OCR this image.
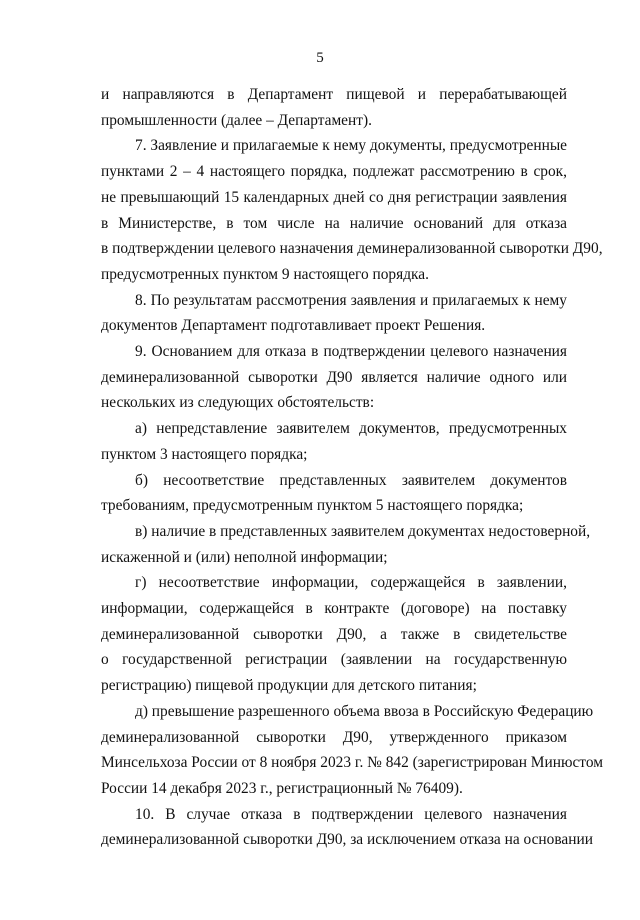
5
и направляются в Департамент пищевой и перерабатывающей
промышленности (далее – Департамент).
7. Заявление и прилагаемые к нему документы, предусмотренные
пунктами 2 – 4 настоящего порядка, подлежат рассмотрению в срок,
не превышающий 15 календарных дней со дня регистрации заявления
в Министерстве, в том числе на наличие оснований для отказа
в подтверждении целевого назначения деминерализованной сыворотки Д90,
предусмотренных пунктом 9 настоящего порядка.
8. По результатам рассмотрения заявления и прилагаемых к нему
документов Департамент подготавливает проект Решения.
9. Основанием для отказа в подтверждении целевого назначения
деминерализованной сыворотки Д90 является наличие одного или
нескольких из следующих обстоятельств:
а) непредставление заявителем документов, предусмотренных
пунктом 3 настоящего порядка;
б) несоответствие представленных заявителем документов
требованиям, предусмотренным пунктом 5 настоящего порядка;
в) наличие в представленных заявителем документах недостоверной,
искаженной и (или) неполной информации;
г) несоответствие информации, содержащейся в заявлении,
информации, содержащейся в контракте (договоре) на поставку
деминерализованной сыворотки Д90, а также в свидетельстве
о государственной регистрации (заявлении на государственную
регистрацию) пищевой продукции для детского питания;
д) превышение разрешенного объема ввоза в Российскую Федерацию
деминерализованной сыворотки Д90, утвержденного приказом
Минсельхоза России от 8 ноября 2023 г. № 842 (зарегистрирован Минюстом
России 14 декабря 2023 г., регистрационный № 76409).
10. В случае отказа в подтверждении целевого назначения
деминерализованной сыворотки Д90, за исключением отказа на основании
